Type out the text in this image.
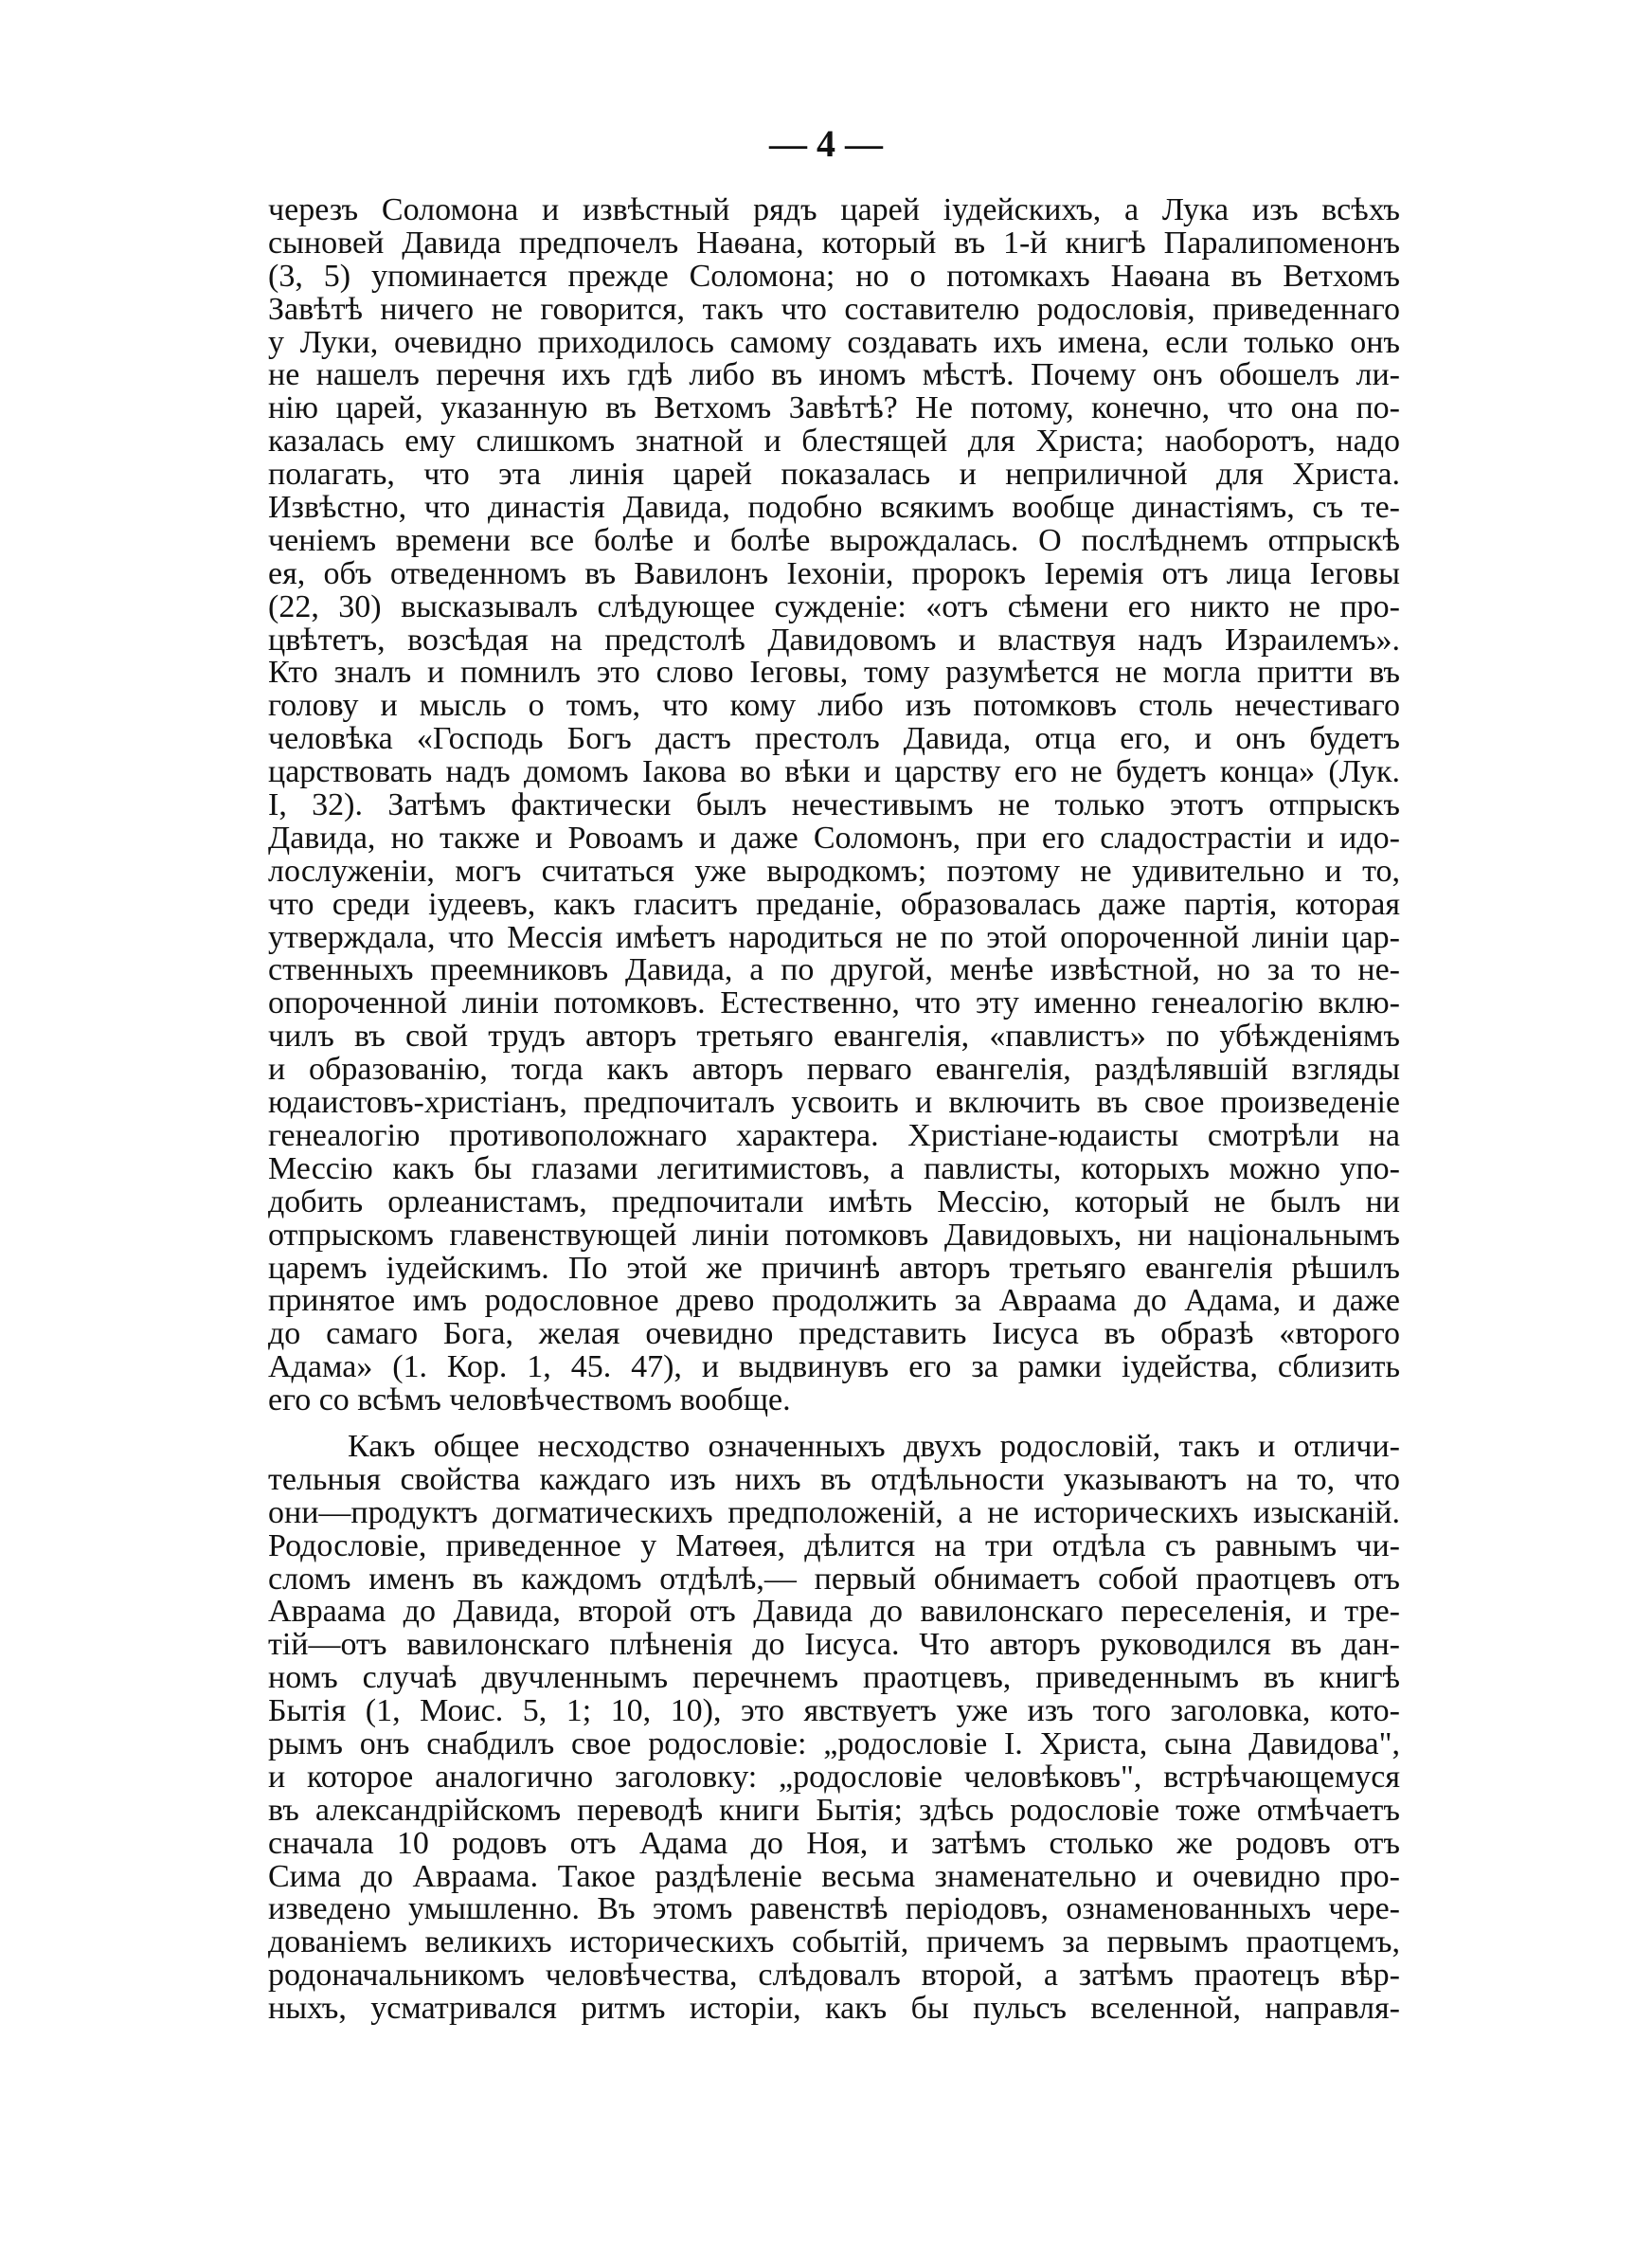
— 4 —
черезъ Соломона и извѣстный рядъ царей іудейскихъ, а Лука изъ всѣхъ
сыновей Давида предпочелъ Наѳана, который въ 1-й книгѣ Паралипоменонъ
(3, 5) упоминается прежде Соломона; но о потомкахъ Наѳана въ Ветхомъ
Завѣтѣ ничего не говорится, такъ что составителю родословія, приведеннаго
у Луки, очевидно приходилось самому создавать ихъ имена, если только онъ
не нашелъ перечня ихъ гдѣ либо въ иномъ мѣстѣ. Почему онъ обошелъ ли-
нію царей, указанную въ Ветхомъ Завѣтѣ? Не потому, конечно, что она по-
казалась ему слишкомъ знатной и блестящей для Христа; наоборотъ, надо
полагать, что эта линія царей показалась и неприличной для Христа.
Извѣстно, что династія Давида, подобно всякимъ вообще династіямъ, съ те-
ченіемъ времени все болѣе и болѣе вырождалась. О послѣднемъ отпрыскѣ
ея, объ отведенномъ въ Вавилонъ Іехоніи, пророкъ Іеремія отъ лица Іеговы
(22, 30) высказывалъ слѣдующее сужденіе: «отъ сѣмени его никто не про-
цвѣтетъ, возсѣдая на предстолѣ Давидовомъ и властвуя надъ Израилемъ».
Кто зналъ и помнилъ это слово Іеговы, тому разумѣется не могла притти въ
голову и мысль о томъ, что кому либо изъ потомковъ столь нечестиваго
человѣка «Господь Богъ дастъ престолъ Давида, отца его, и онъ будетъ
царствовать надъ домомъ Іакова во вѣки и царству его не будетъ конца» (Лук.
I, 32). Затѣмъ фактически былъ нечестивымъ не только этотъ отпрыскъ
Давида, но также и Ровоамъ и даже Соломонъ, при его сладострастіи и идо-
лослуженіи, могъ считаться уже выродкомъ; поэтому не удивительно и то,
что среди іудеевъ, какъ гласитъ преданіе, образовалась даже партія, которая
утверждала, что Мессія имѣетъ народиться не по этой опороченной линіи цар-
ственныхъ преемниковъ Давида, а по другой, менѣе извѣстной, но за то не-
опороченной линіи потомковъ. Естественно, что эту именно генеалогію вклю-
чилъ въ свой трудъ авторъ третьяго евангелія, «павлистъ» по убѣжденіямъ
и образованію, тогда какъ авторъ перваго евангелія, раздѣлявшій взгляды
юдаистовъ-христіанъ, предпочиталъ усвоить и включить въ свое произведеніе
генеалогію противоположнаго характера. Христіане-юдаисты смотрѣли на
Мессію какъ бы глазами легитимистовъ, а павлисты, которыхъ можно упо-
добить орлеанистамъ, предпочитали имѣть Мессію, который не былъ ни
отпрыскомъ главенствующей линіи потомковъ Давидовыхъ, ни національнымъ
царемъ іудейскимъ. По этой же причинѣ авторъ третьяго евангелія рѣшилъ
принятое имъ родословное древо продолжить за Авраама до Адама, и даже
до самаго Бога, желая очевидно представить Іисуса въ образѣ «второго
Адама» (1. Кор. 1, 45. 47), и выдвинувъ его за рамки іудейства, сблизить
его со всѣмъ человѣчествомъ вообще.
Какъ общее несходство означенныхъ двухъ родословій, такъ и отличи-
тельныя свойства каждаго изъ нихъ въ отдѣльности указываютъ на то, что
они—продуктъ догматическихъ предположеній, а не историческихъ изысканій.
Родословіе, приведенное у Матѳея, дѣлится на три отдѣла съ равнымъ чи-
сломъ именъ въ каждомъ отдѣлѣ,— первый обнимаетъ собой праотцевъ отъ
Авраама до Давида, второй отъ Давида до вавилонскаго переселенія, и тре-
тій—отъ вавилонскаго плѣненія до Іисуса. Что авторъ руководился въ дан-
номъ случаѣ двучленнымъ перечнемъ праотцевъ, приведеннымъ въ книгѣ
Бытія (1, Моис. 5, 1; 10, 10), это явствуетъ уже изъ того заголовка, кото-
рымъ онъ снабдилъ свое родословіе: „родословіе І. Христа, сына Давидова",
и которое аналогично заголовку: „родословіе человѣковъ", встрѣчающемуся
въ александрійскомъ переводѣ книги Бытія; здѣсь родословіе тоже отмѣчаетъ
сначала 10 родовъ отъ Адама до Ноя, и затѣмъ столько же родовъ отъ
Сима до Авраама. Такое раздѣленіе весьма знаменательно и очевидно про-
изведено умышленно. Въ этомъ равенствѣ періодовъ, ознаменованныхъ чере-
дованіемъ великихъ историческихъ событій, причемъ за первымъ праотцемъ,
родоначальникомъ человѣчества, слѣдовалъ второй, а затѣмъ праотецъ вѣр-
ныхъ, усматривался ритмъ исторіи, какъ бы пульсъ вселенной, направля-
